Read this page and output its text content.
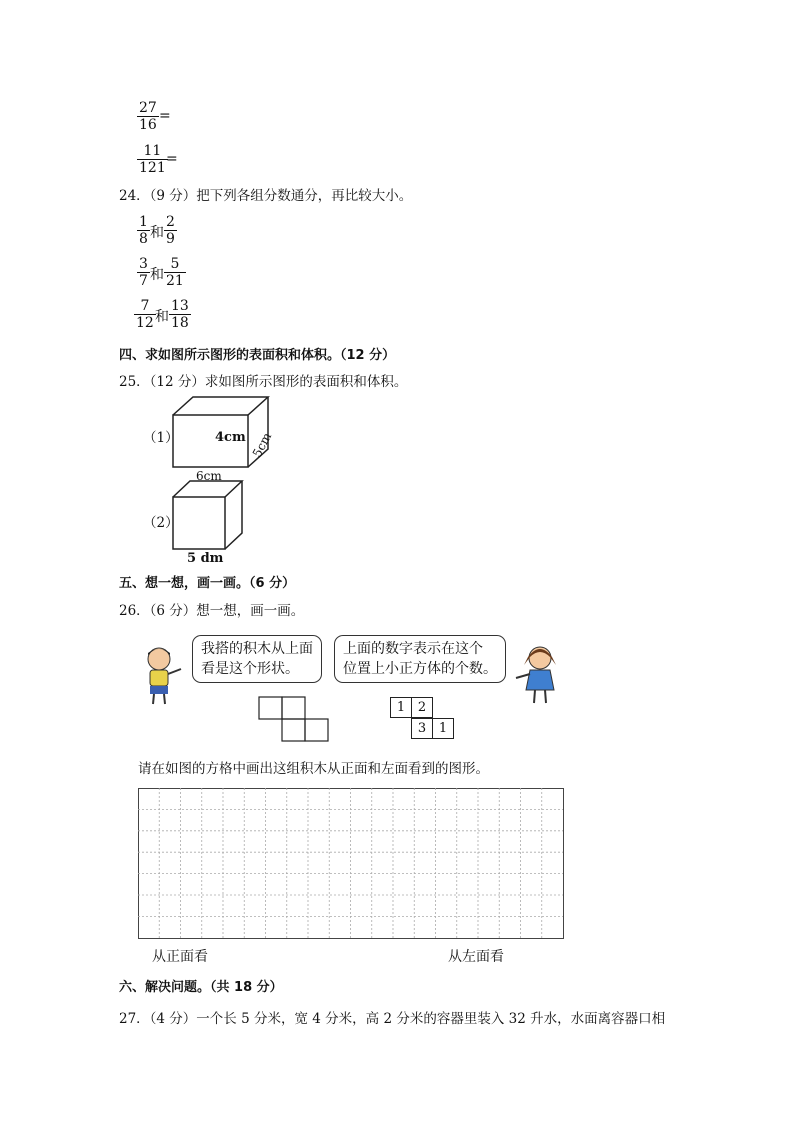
$\frac{27}{16}$ =
$\frac{11}{121}$
=
24．（9 分）把下列各组分数通分，再比较大小。
$\frac{1}{8}$ 和 $\frac{2}{9}$
$\frac{3}{7}$ 和 $\frac{5}{21}$
$\frac{7}{12}$ 和 $\frac{13}{18}$
四、求如图所示图形的表面积和体积。（12 分）
25．（12 分）求如图所示图形的表面积和体积。
（1）	4cm
6cm
5cm
（2）
5 dm
五、想一想，画一画。（6 分）
26．（6 分）想一想，画一画。
我搭的积木从上面
看是这个形状。
上面的数字表示在这个
位置上小正方体的个数。
1 2
3 1
请在如图的方格中画出这组积木从正面和左面看到的图形。
从正面看	从左面看
六、解决问题。（共 18 分）
27．（4 分）一个长 5 分米，宽 4 分米，高 2 分米的容器里装入 32 升水，水面离容器口相
